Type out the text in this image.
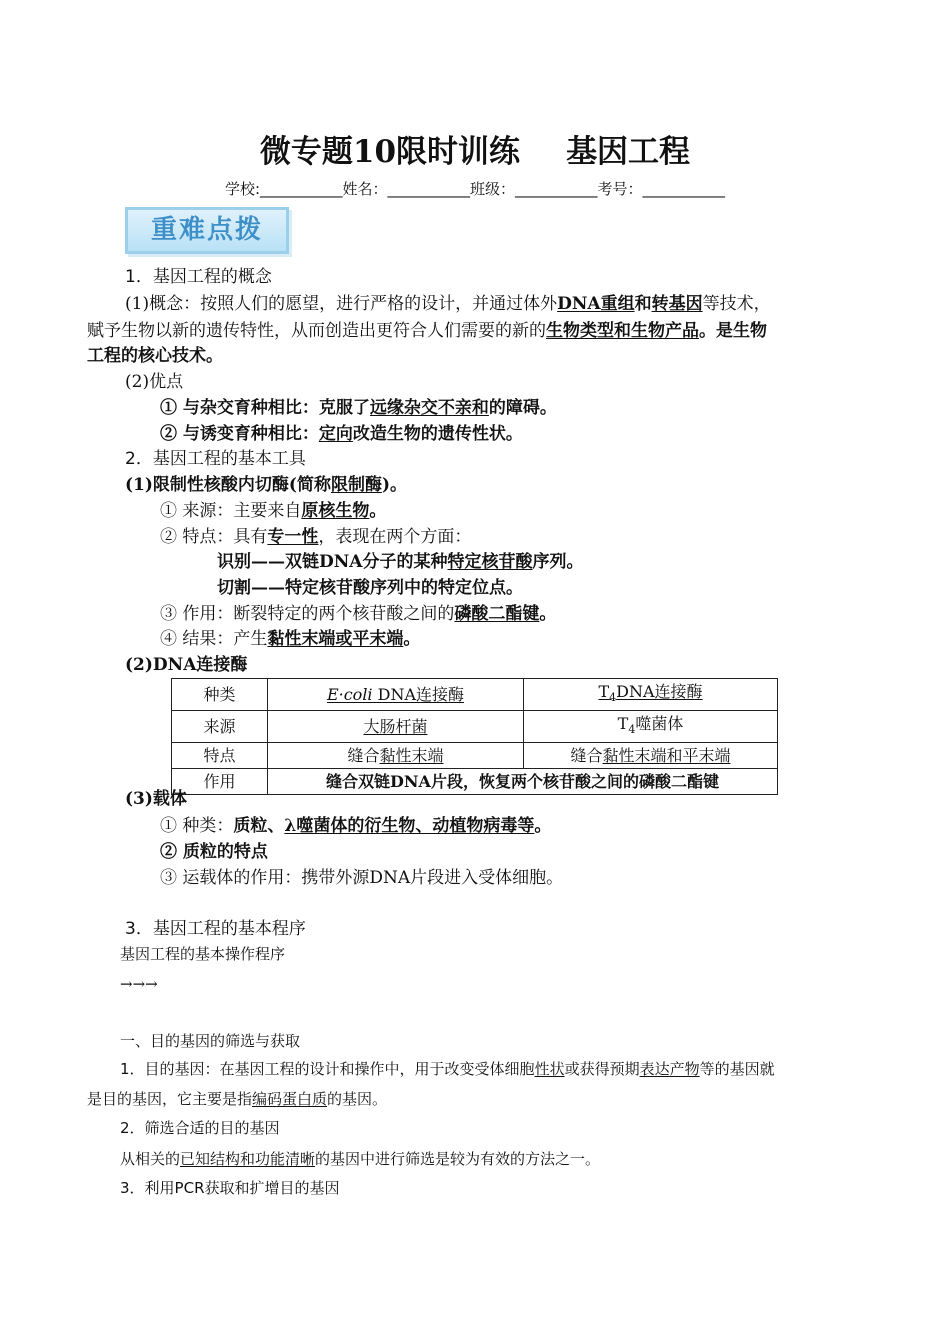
微专题10限时训练 基因工程
学校:___________姓名：___________班级：___________考号：___________
重难点拨
1．基因工程的概念
(1)概念：按照人们的愿望，进行严格的设计，并通过体外DNA重组和转基因等技术，
赋予生物以新的遗传特性，从而创造出更符合人们需要的新的生物类型和生物产品。是生物
工程的核心技术。
(2)优点
① 与杂交育种相比：克服了远缘杂交不亲和的障碍。
② 与诱变育种相比：定向改造生物的遗传性状。
2．基因工程的基本工具
(1)限制性核酸内切酶(简称限制酶)。
① 来源：主要来自原核生物。
② 特点：具有专一性，表现在两个方面：
识别——双链DNA分子的某种特定核苷酸序列。
切割——特定核苷酸序列中的特定位点。
③ 作用：断裂特定的两个核苷酸之间的磷酸二酯键。
④ 结果：产生黏性末端或平末端。
(2)DNA连接酶
种类	E·coli DNA连接酶	$T_4DNA$连接酶
来源	大肠杆菌	$T_4$噬菌体
特点	缝合黏性末端	缝合黏性末端和平末端
作用	缝合双链DNA片段，恢复两个核苷酸之间的磷酸二酯键	
(3)载体
① 种类：质粒、λ噬菌体的衍生物、动植物病毒等。
② 质粒的特点
③ 运载体的作用：携带外源DNA片段进入受体细胞。
3．基因工程的基本程序
基因工程的基本操作程序
→→→
一、目的基因的筛选与获取
1．目的基因：在基因工程的设计和操作中，用于改变受体细胞性状或获得预期表达产物等的基因就
是目的基因，它主要是指编码蛋白质的基因。
2．筛选合适的目的基因
从相关的已知结构和功能清晰的基因中进行筛选是较为有效的方法之一。
3．利用PCR获取和扩增目的基因
